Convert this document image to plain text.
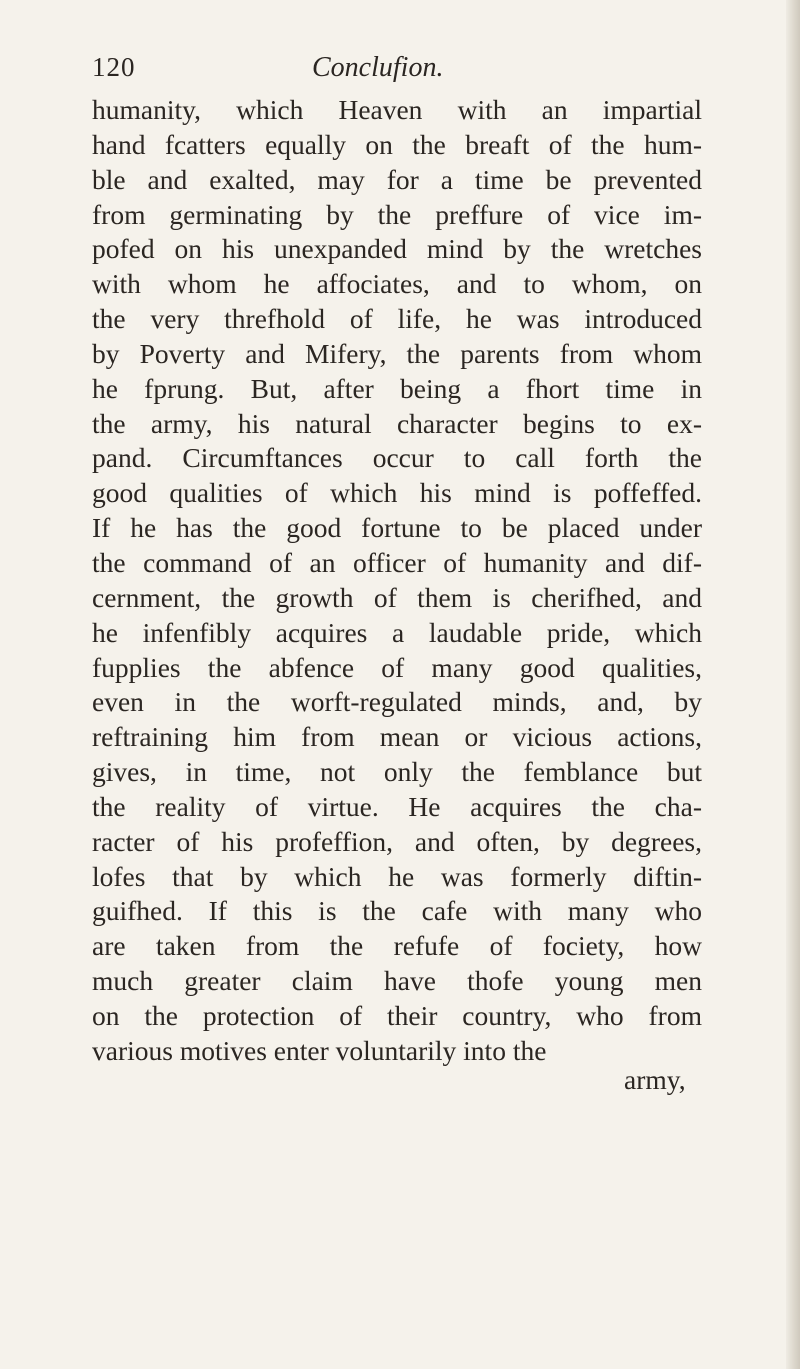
120	Conclufion.
humanity, which Heaven with an impartial
hand fcatters equally on the breaft of the hum-
ble and exalted, may for a time be prevented
from germinating by the preffure of vice im-
pofed on his unexpanded mind by the wretches
with whom he affociates, and to whom, on
the very threfhold of life, he was introduced
by Poverty and Mifery, the parents from whom
he fprung. But, after being a fhort time in
the army, his natural character begins to ex-
pand. Circumftances occur to call forth the
good qualities of which his mind is poffeffed.
If he has the good fortune to be placed under
the command of an officer of humanity and dif-
cernment, the growth of them is cherifhed, and
he infenfibly acquires a laudable pride, which
fupplies the abfence of many good qualities,
even in the worft-regulated minds, and, by
reftraining him from mean or vicious actions,
gives, in time, not only the femblance but
the reality of virtue. He acquires the cha-
racter of his profeffion, and often, by degrees,
lofes that by which he was formerly diftin-
guifhed. If this is the cafe with many who
are taken from the refufe of fociety, how
much greater claim have thofe young men
on the protection of their country, who from
various motives enter voluntarily into the
army,
